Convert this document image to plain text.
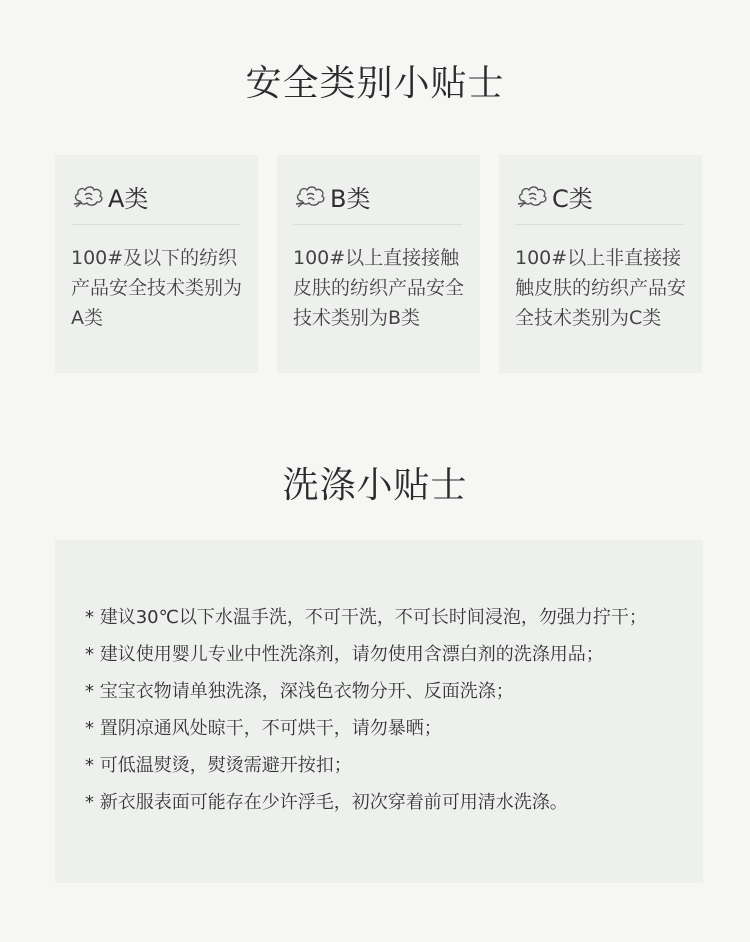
安全类别小贴士
A类
100#及以下的纺织产品安全技术类别为A类
B类
100#以上直接接触皮肤的纺织产品安全技术类别为B类
C类
100#以上非直接接触皮肤的纺织产品安全技术类别为C类
洗涤小贴士
* 建议30℃以下水温手洗，不可干洗，不可长时间浸泡，勿强力拧干；
* 建议使用婴儿专业中性洗涤剂，请勿使用含漂白剂的洗涤用品；
* 宝宝衣物请单独洗涤，深浅色衣物分开、反面洗涤；
* 置阴凉通风处晾干，不可烘干，请勿暴晒；
* 可低温熨烫，熨烫需避开按扣；
* 新衣服表面可能存在少许浮毛，初次穿着前可用清水洗涤。
